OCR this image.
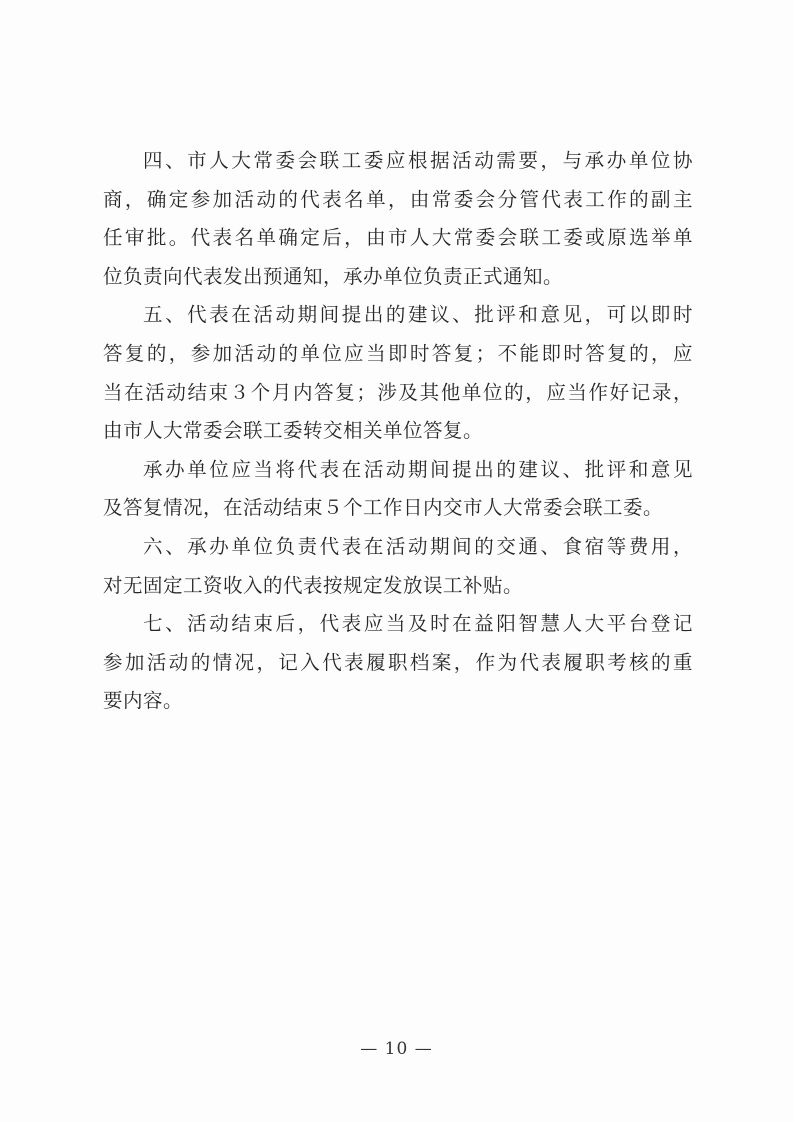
四、市人大常委会联工委应根据活动需要，与承办单位协
商，确定参加活动的代表名单，由常委会分管代表工作的副主
任审批。代表名单确定后，由市人大常委会联工委或原选举单
位负责向代表发出预通知，承办单位负责正式通知。
五、代表在活动期间提出的建议、批评和意见，可以即时
答复的，参加活动的单位应当即时答复；不能即时答复的，应
当在活动结束３个月内答复；涉及其他单位的，应当作好记录，
由市人大常委会联工委转交相关单位答复。
承办单位应当将代表在活动期间提出的建议、批评和意见
及答复情况，在活动结束５个工作日内交市人大常委会联工委。
六、承办单位负责代表在活动期间的交通、食宿等费用，
对无固定工资收入的代表按规定发放误工补贴。
七、活动结束后，代表应当及时在益阳智慧人大平台登记
参加活动的情况，记入代表履职档案，作为代表履职考核的重
要内容。
— 10 —
